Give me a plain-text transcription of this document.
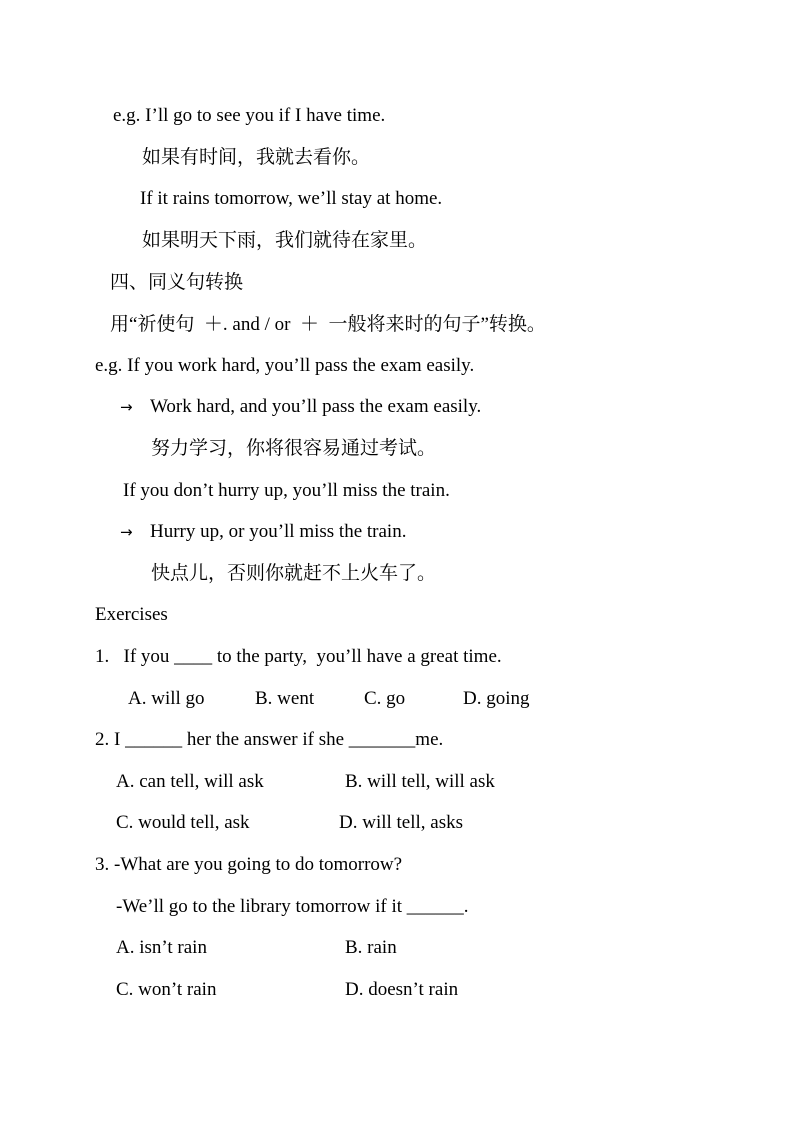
e.g. I’ll go to see you if I have time.
如果有时间，我就去看你。
If it rains tomorrow, we’ll stay at home.
如果明天下雨，我们就待在家里。
四、同义句转换
用“祈使句  ＋. and / or  ＋  一般将来时的句子”转换。
e.g. If you work hard, you’ll pass the exam easily.
→ Work hard, and you’ll pass the exam easily.
努力学习，你将很容易通过考试。
If you don’t hurry up, you’ll miss the train.
→ Hurry up, or you’ll miss the train.
快点儿，否则你就赶不上火车了。
Exercises
1.   If you ____ to the party,  you’ll have a great time.
A. will go	B. went	C. go	D. going
2. I ______ her the answer if she _______me.
A. can tell, will ask	B. will tell, will ask
C. would tell, ask	D. will tell, asks
3. -What are you going to do tomorrow?
-We’ll go to the library tomorrow if it ______.
A. isn’t rain	B. rain
C. won’t rain	D. doesn’t rain
